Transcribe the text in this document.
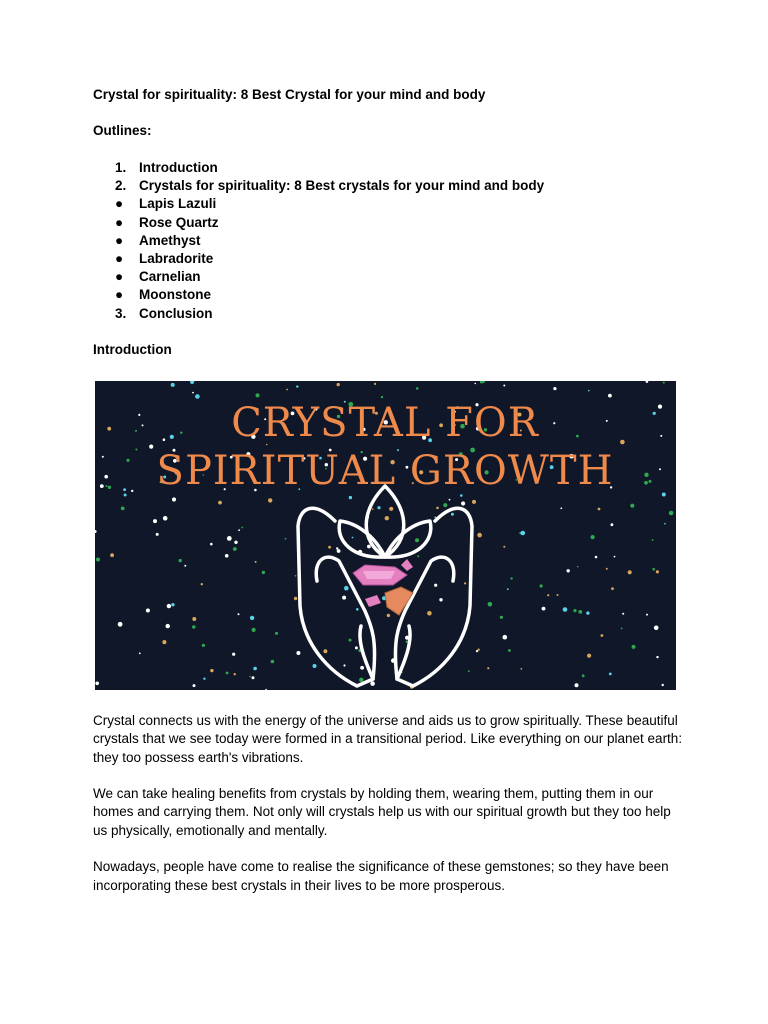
Crystal for spirituality: 8 Best Crystal for your mind and body

Outlines:

1. Introduction
2. Crystals for spirituality: 8 Best crystals for your mind and body
●	Lapis Lazuli
●	Rose Quartz
●	Amethyst
●	Labradorite
●	Carnelian
●	Moonstone
3. Conclusion

Introduction

CRYSTAL FOR
SPIRITUAL GROWTH

Crystal connects us with the energy of the universe and aids us to grow spiritually. These beautiful crystals that we see today were formed in a transitional period. Like everything on our planet earth: they too possess earth's vibrations.

We can take healing benefits from crystals by holding them, wearing them, putting them in our homes and carrying them. Not only will crystals help us with our spiritual growth but they too help us physically, emotionally and mentally.

Nowadays, people have come to realise the significance of these gemstones; so they have been incorporating these best crystals in their lives to be more prosperous.
